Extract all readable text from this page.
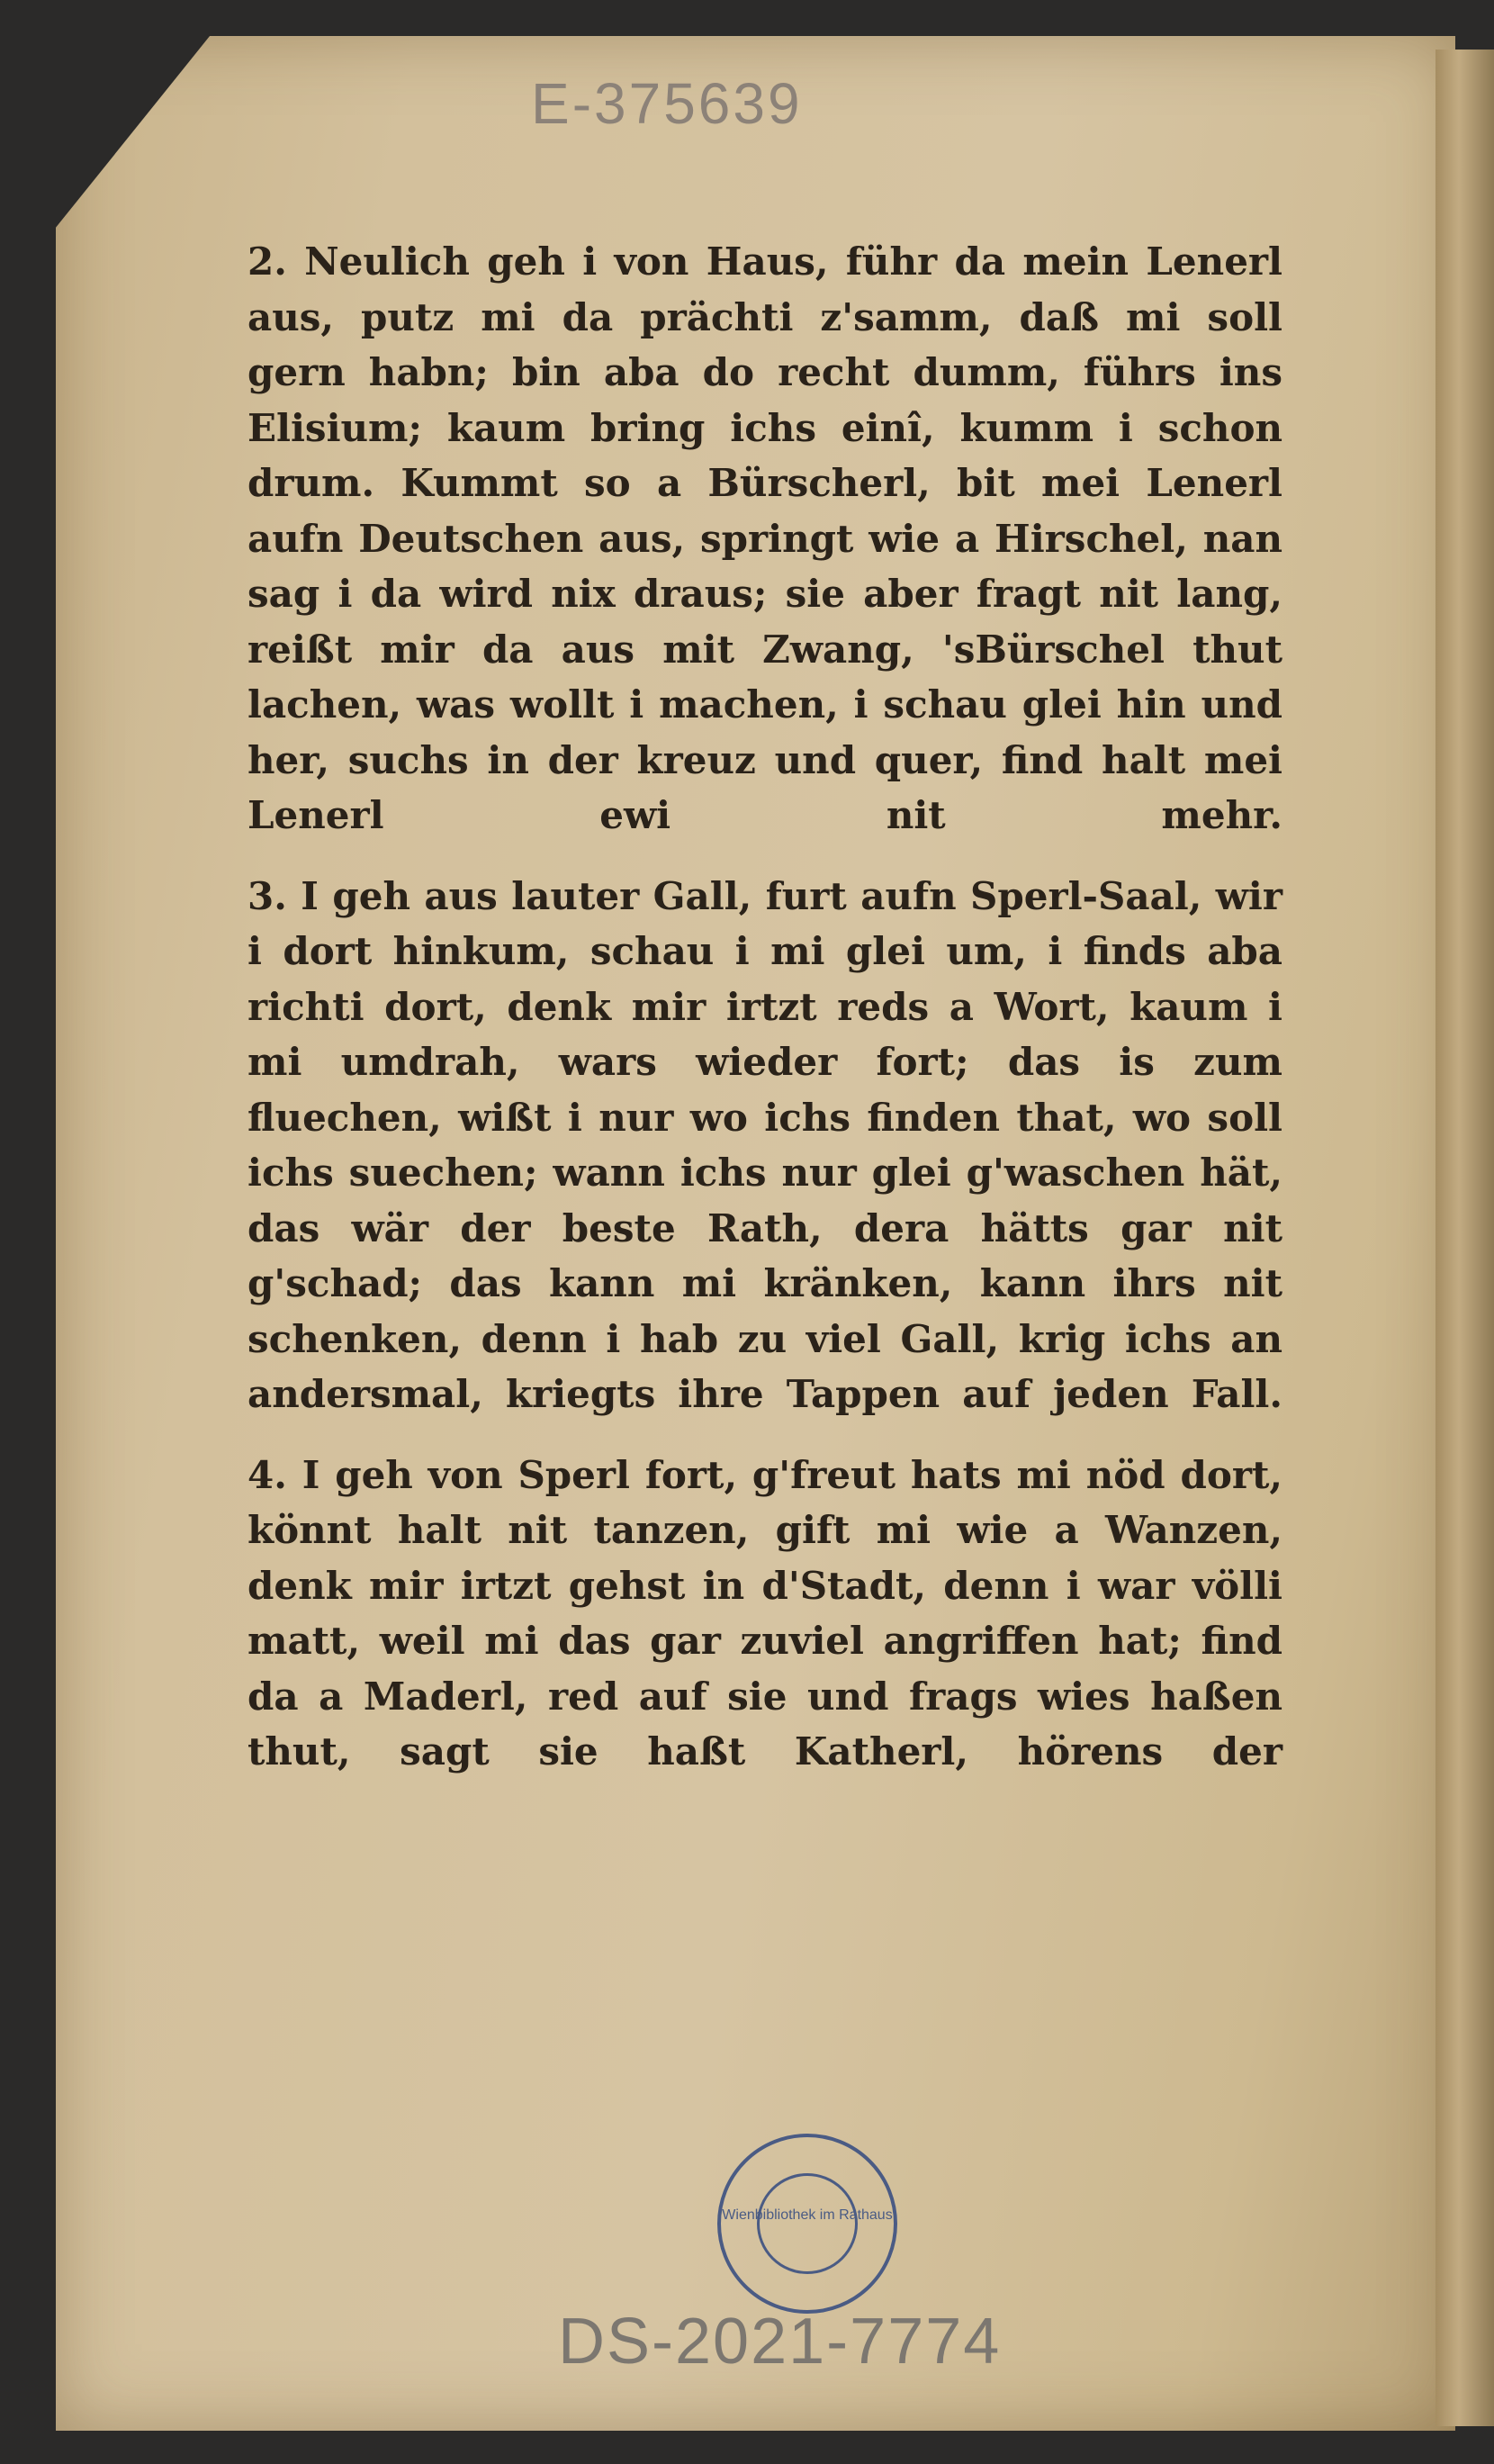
E-375639

2. Neulich geh i von Haus, führ da mein Lenerl aus, putz mi da prächti z'samm, daß mi soll gern habn; bin aba do recht dumm, führs ins Elisium; kaum bring ichs einî, kumm i schon drum. Kummt so a Bürscherl, bit mei Lenerl aufn Deutschen aus, springt wie a Hirschel, nan sag i da wird nix draus; sie aber fragt nit lang, reißt mir da aus mit Zwang, 'sBürschel thut lachen, was wollt i machen, i schau glei hin und her, suchs in der kreuz und quer, find halt mei Lenerl ewi nit mehr.

3. I geh aus lauter Gall, furt aufn Sperl-Saal, wir i dort hinkum, schau i mi glei um, i finds aba richti dort, denk mir irtzt reds a Wort, kaum i mi umdrah, wars wieder fort; das is zum fluechen, wißt i nur wo ichs finden that, wo soll ichs suechen; wann ichs nur glei g'waschen hät, das wär der beste Rath, dera hätts gar nit g'schad; das kann mi kränken, kann ihrs nit schenken, denn i hab zu viel Gall, krig ichs an andersmal, kriegts ihre Tappen auf jeden Fall.

4. I geh von Sperl fort, g'freut hats mi nöd dort, könnt halt nit tanzen, gift mi wie a Wanzen, denk mir irtzt gehst in d'Stadt, denn i war völli matt, weil mi das gar zuviel angriffen hat; find da a Maderl, red auf sie und frags wies haßen thut, sagt sie haßt Katherl, hörens der

Wienbibliothek im Rathaus
DS-2021-7774
